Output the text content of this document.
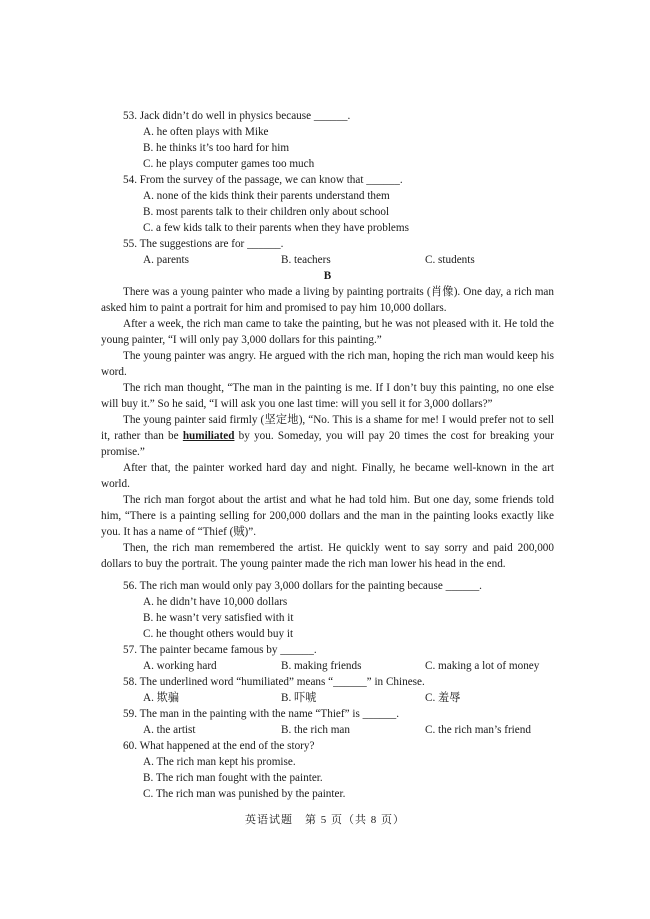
53. Jack didn’t do well in physics because ______.
A. he often plays with Mike
B. he thinks it’s too hard for him
C. he plays computer games too much
54. From the survey of the passage, we can know that ______.
A. none of the kids think their parents understand them
B. most parents talk to their children only about school
C. a few kids talk to their parents when they have problems
55. The suggestions are for ______.
A. parents	B. teachers	C. students
B
There was a young painter who made a living by painting portraits (肖像). One day, a rich man asked him to paint a portrait for him and promised to pay him 10,000 dollars.
After a week, the rich man came to take the painting, but he was not pleased with it. He told the young painter, “I will only pay 3,000 dollars for this painting.”
The young painter was angry. He argued with the rich man, hoping the rich man would keep his word.
The rich man thought, “The man in the painting is me. If I don’t buy this painting, no one else will buy it.” So he said, “I will ask you one last time: will you sell it for 3,000 dollars?”
The young painter said firmly (坚定地), “No. This is a shame for me! I would prefer not to sell it, rather than be humiliated by you. Someday, you will pay 20 times the cost for breaking your promise.”
After that, the painter worked hard day and night. Finally, he became well-known in the art world.
The rich man forgot about the artist and what he had told him. But one day, some friends told him, “There is a painting selling for 200,000 dollars and the man in the painting looks exactly like you. It has a name of “Thief (贼)”.
Then, the rich man remembered the artist. He quickly went to say sorry and paid 200,000 dollars to buy the portrait. The young painter made the rich man lower his head in the end.
56. The rich man would only pay 3,000 dollars for the painting because ______.
A. he didn’t have 10,000 dollars
B. he wasn’t very satisfied with it
C. he thought others would buy it
57. The painter became famous by ______.
A. working hard	B. making friends	C. making a lot of money
58. The underlined word “humiliated” means “______” in Chinese.
A. 欺骗	B. 吓唬	C. 羞辱
59. The man in the painting with the name “Thief” is ______.
A. the artist	B. the rich man	C. the rich man’s friend
60. What happened at the end of the story?
A. The rich man kept his promise.
B. The rich man fought with the painter.
C. The rich man was punished by the painter.
英语试题　第 5 页（共 8 页）
